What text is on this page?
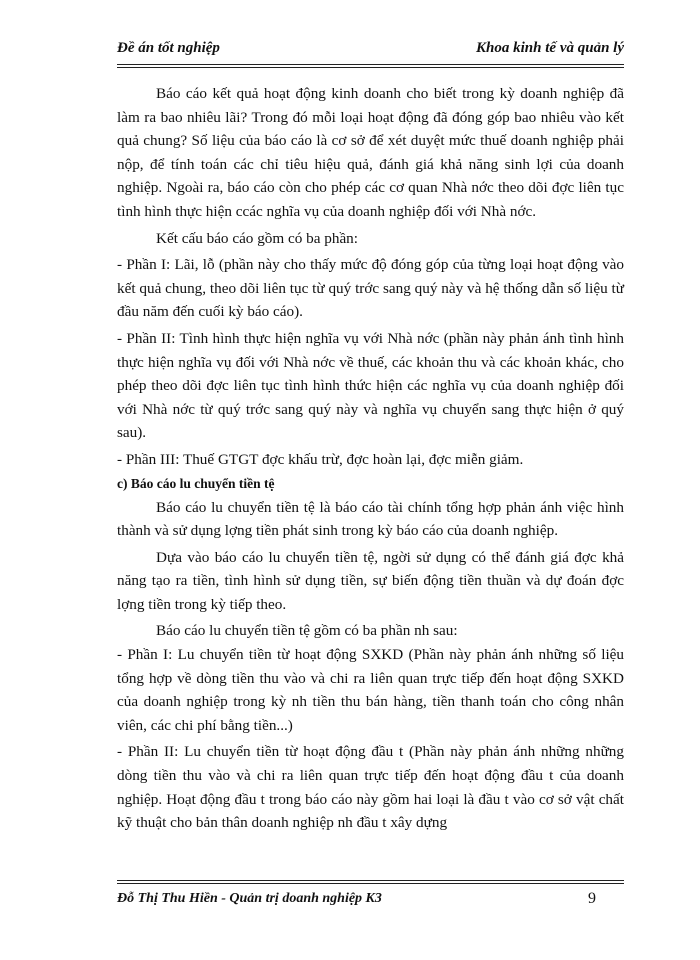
Đề án tốt nghiệp	Khoa kinh tế và quản lý

Báo cáo kết quả hoạt động kinh doanh cho biết trong kỳ doanh nghiệp đã làm ra bao nhiêu lãi? Trong đó mỗi loại hoạt động đã đóng góp bao nhiêu vào kết quả chung? Số liệu của báo cáo là cơ sở để xét duyệt mức thuế doanh nghiệp phải nộp, để tính toán các chỉ tiêu hiệu quả, đánh giá khả năng sinh lợi của doanh nghiệp. Ngoài ra, báo cáo còn cho phép các cơ quan Nhà nớc theo dõi đợc liên tục tình hình thực hiện ccác nghĩa vụ của doanh nghiệp đối với Nhà nớc.

Kết cấu báo cáo gồm có ba phần:

- Phần I: Lãi, lỗ (phần này cho thấy mức độ đóng góp của từng loại hoạt động vào kết quả chung, theo dõi liên tục từ quý trớc sang quý này và hệ thống dẫn số liệu từ đầu năm đến cuối kỳ báo cáo).

- Phần II: Tình hình thực hiện nghĩa vụ với Nhà nớc (phần này phản ánh tình hình thực hiện nghĩa vụ đối với Nhà nớc về thuế, các khoản thu và các khoản khác, cho phép theo dõi đợc liên tục tình hình thức hiện các nghĩa vụ của doanh nghiệp đối với Nhà nớc từ quý trớc sang quý này và nghĩa vụ chuyển sang thực hiện ở quý sau).

- Phần III: Thuế GTGT đợc khấu trừ, đợc hoàn lại, đợc miễn giảm.

c) Báo cáo lu chuyển tiền tệ

Báo cáo lu chuyển tiền tệ là báo cáo tài chính tổng hợp phản ánh việc hình thành và sử dụng lợng tiền phát sinh trong kỳ báo cáo của doanh nghiệp.

Dựa vào báo cáo lu chuyển tiền tệ, ngời sử dụng có thể đánh giá đợc khả năng tạo ra tiền, tình hình sử dụng tiền, sự biến động tiền thuần và dự đoán đợc lợng tiền trong kỳ tiếp theo.

Báo cáo lu chuyển tiền tệ gồm có ba phần nh sau:

- Phần I: Lu chuyển tiền từ hoạt động SXKD (Phần này phản ánh những số liệu tổng hợp về dòng tiền thu vào và chi ra liên quan trực tiếp đến hoạt động SXKD của doanh nghiệp trong kỳ nh tiền thu bán hàng, tiền thanh toán cho công nhân viên, các chi phí bằng tiền...)

- Phần II: Lu chuyển tiền từ hoạt động đầu t (Phần này phản ánh những những dòng tiền thu vào và chi ra liên quan trực tiếp đến hoạt động đầu t của doanh nghiệp. Hoạt động đầu t trong báo cáo này gồm hai loại là đầu t vào cơ sở vật chất kỹ thuật cho bản thân doanh nghiệp nh đầu t xây dựng

Đỗ Thị Thu Hiền - Quản trị doanh nghiệp K3	9
